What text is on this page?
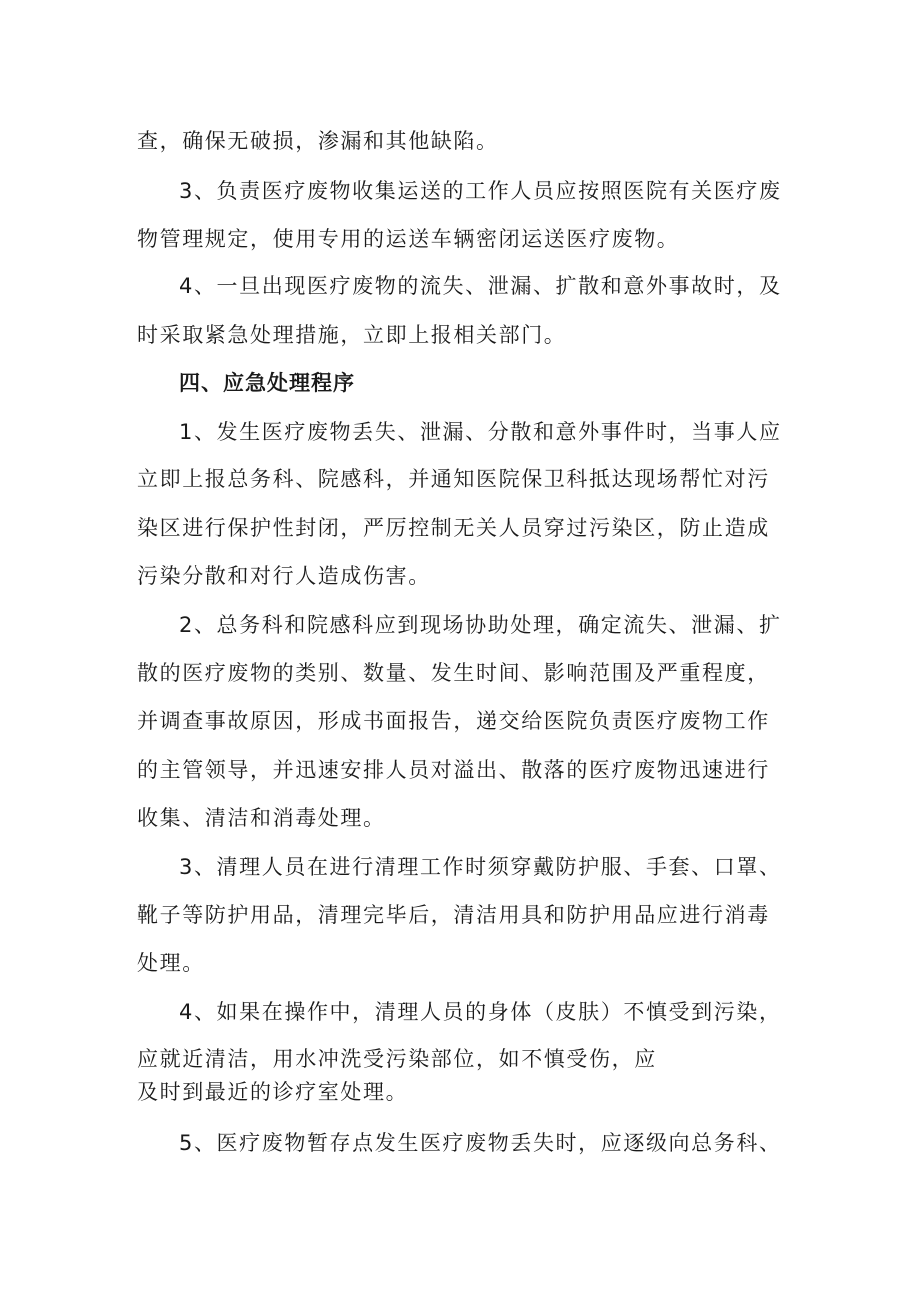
查，确保无破损，渗漏和其他缺陷。
3、负责医疗废物收集运送的工作人员应按照医院有关医疗废
物管理规定，使用专用的运送车辆密闭运送医疗废物。
4、一旦出现医疗废物的流失、泄漏、扩散和意外事故时，及
时采取紧急处理措施，立即上报相关部门。
四、应急处理程序
1、发生医疗废物丢失、泄漏、分散和意外事件时，当事人应
立即上报总务科、院感科，并通知医院保卫科抵达现场帮忙对污
染区进行保护性封闭，严厉控制无关人员穿过污染区，防止造成
污染分散和对行人造成伤害。
2、总务科和院感科应到现场协助处理，确定流失、泄漏、扩
散的医疗废物的类别、数量、发生时间、影响范围及严重程度，
并调查事故原因，形成书面报告，递交给医院负责医疗废物工作
的主管领导，并迅速安排人员对溢出、散落的医疗废物迅速进行
收集、清洁和消毒处理。
3、清理人员在进行清理工作时须穿戴防护服、手套、口罩、
靴子等防护用品，清理完毕后，清洁用具和防护用品应进行消毒
处理。
4、如果在操作中，清理人员的身体（皮肤）不慎受到污染，
应就近清洁，用水冲洗受污染部位，如不慎受伤，应
及时到最近的诊疗室处理。
5、医疗废物暂存点发生医疗废物丢失时，应逐级向总务科、
